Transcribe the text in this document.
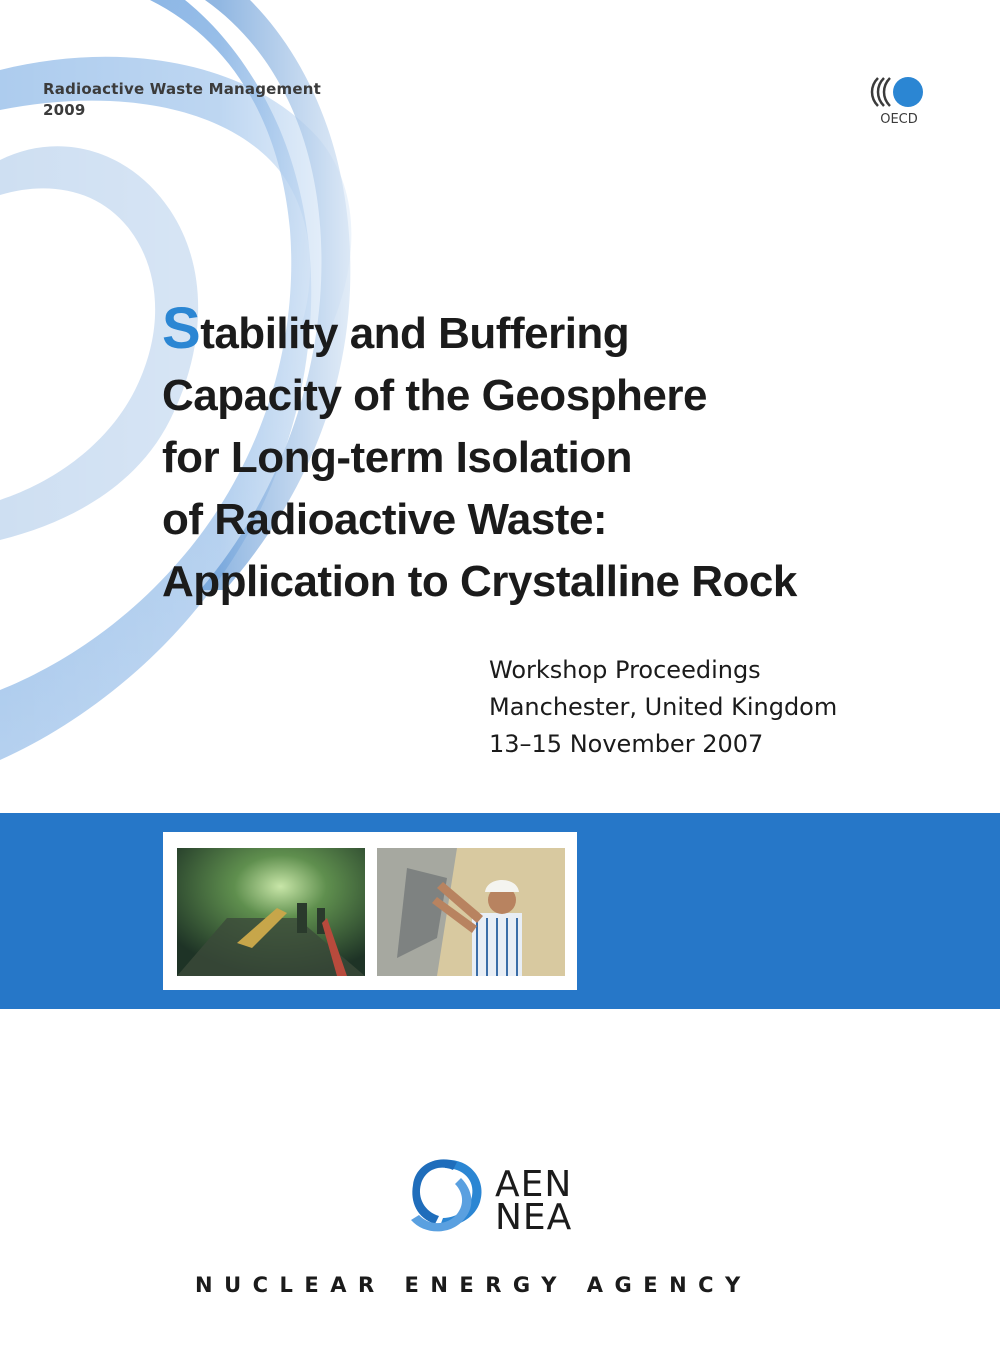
Radioactive Waste Management
2009
OECD
Stability and Buffering
Capacity of the Geosphere
for Long-term Isolation
of Radioactive Waste:
Application to Crystalline Rock
Workshop Proceedings
Manchester, United Kingdom
13–15 November 2007
AEN
NEA
NUCLEAR ENERGY AGENCY
